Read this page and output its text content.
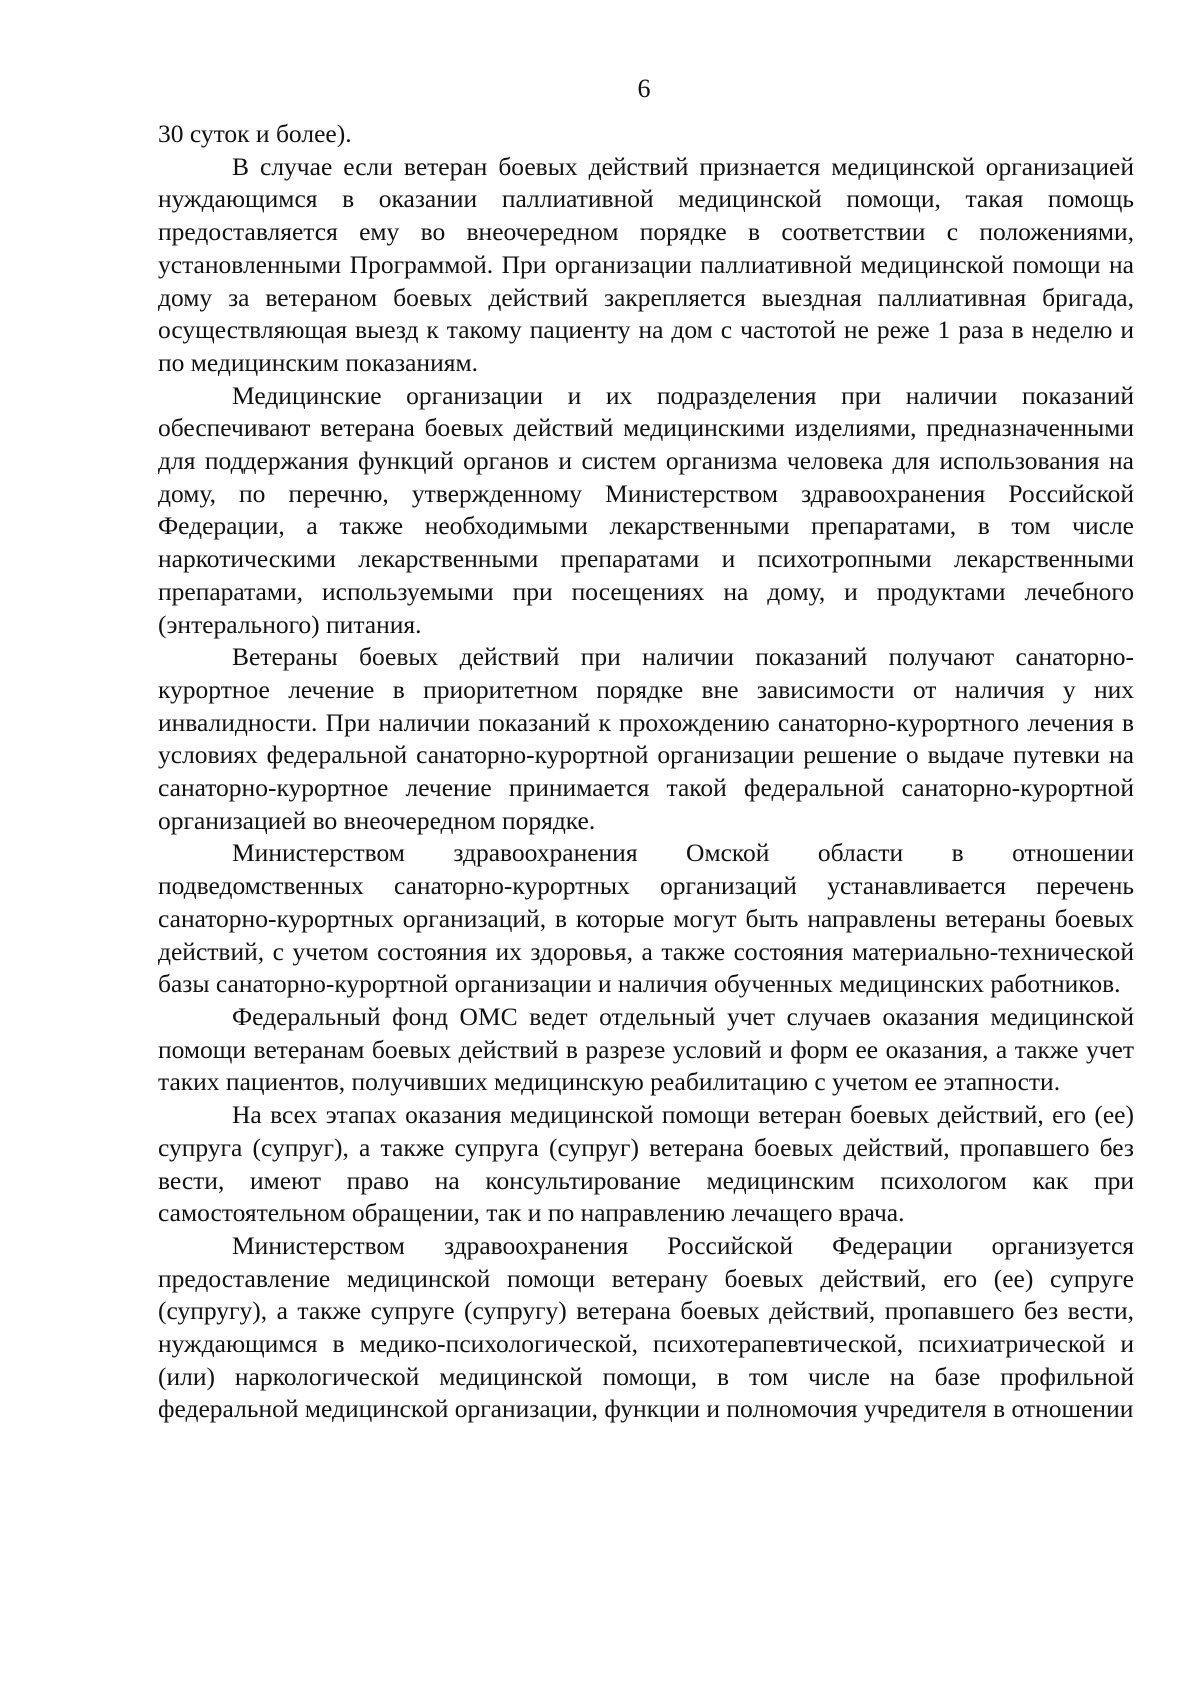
6

30 суток и более).

В случае если ветеран боевых действий признается медицинской организацией нуждающимся в оказании паллиативной медицинской помощи, такая помощь предоставляется ему во внеочередном порядке в соответствии с положениями, установленными Программой. При организации паллиативной медицинской помощи на дому за ветераном боевых действий закрепляется выездная паллиативная бригада, осуществляющая выезд к такому пациенту на дом с частотой не реже 1 раза в неделю и по медицинским показаниям.

Медицинские организации и их подразделения при наличии показаний обеспечивают ветерана боевых действий медицинскими изделиями, предназначенными для поддержания функций органов и систем организма человека для использования на дому, по перечню, утвержденному Министерством здравоохранения Российской Федерации, а также необходимыми лекарственными препаратами, в том числе наркотическими лекарственными препаратами и психотропными лекарственными препаратами, используемыми при посещениях на дому, и продуктами лечебного (энтерального) питания.

Ветераны боевых действий при наличии показаний получают санаторно-курортное лечение в приоритетном порядке вне зависимости от наличия у них инвалидности. При наличии показаний к прохождению санаторно-курортного лечения в условиях федеральной санаторно-курортной организации решение о выдаче путевки на санаторно-курортное лечение принимается такой федеральной санаторно-курортной организацией во внеочередном порядке.

Министерством здравоохранения Омской области в отношении подведомственных санаторно-курортных организаций устанавливается перечень санаторно-курортных организаций, в которые могут быть направлены ветераны боевых действий, с учетом состояния их здоровья, а также состояния материально-технической базы санаторно-курортной организации и наличия обученных медицинских работников.

Федеральный фонд ОМС ведет отдельный учет случаев оказания медицинской помощи ветеранам боевых действий в разрезе условий и форм ее оказания, а также учет таких пациентов, получивших медицинскую реабилитацию с учетом ее этапности.

На всех этапах оказания медицинской помощи ветеран боевых действий, его (ее) супруга (супруг), а также супруга (супруг) ветерана боевых действий, пропавшего без вести, имеют право на консультирование медицинским психологом как при самостоятельном обращении, так и по направлению лечащего врача.

Министерством здравоохранения Российской Федерации организуется предоставление медицинской помощи ветерану боевых действий, его (ее) супруге (супругу), а также супруге (супругу) ветерана боевых действий, пропавшего без вести, нуждающимся в медико-психологической, психотерапевтической, психиатрической и (или) наркологической медицинской помощи, в том числе на базе профильной федеральной медицинской организации, функции и полномочия учредителя в отношении
